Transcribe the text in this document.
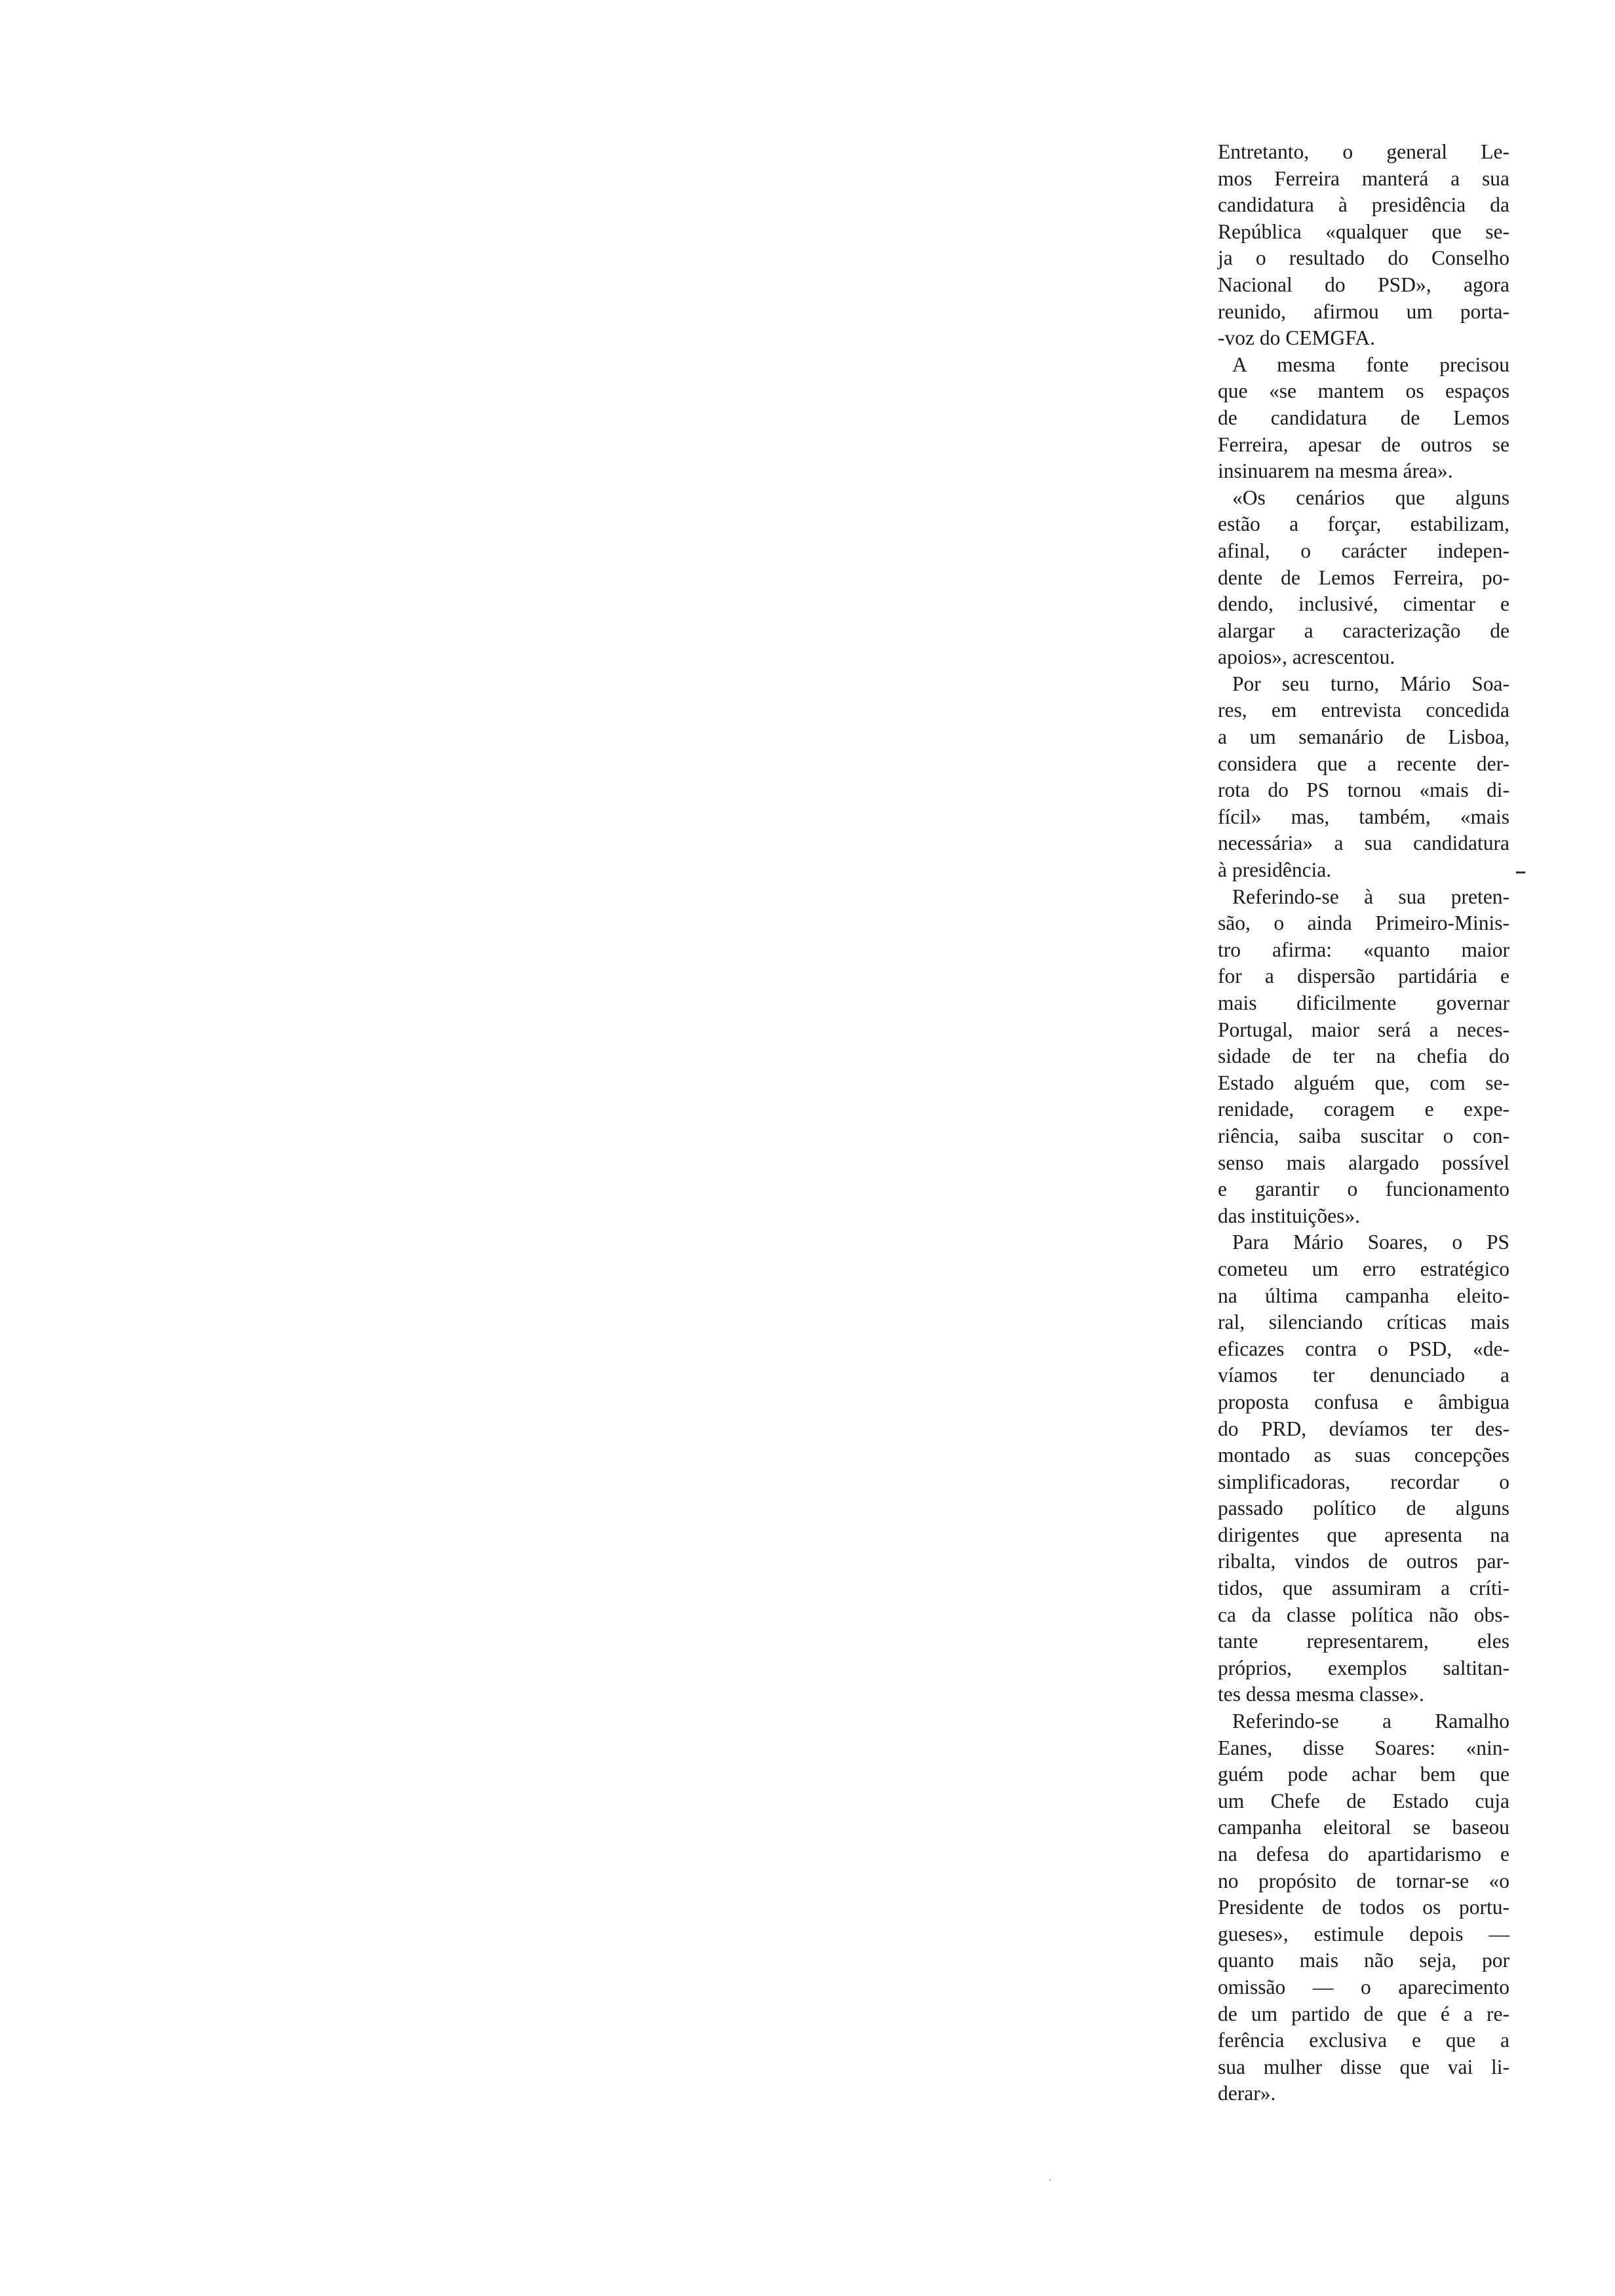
Entretanto, o general Le-
mos Ferreira manterá a sua
candidatura à presidência da
República «qualquer que se-
ja o resultado do Conselho
Nacional do PSD», agora
reunido, afirmou um porta-
-voz do CEMGFA.
A mesma fonte precisou
que «se mantem os espaços
de candidatura de Lemos
Ferreira, apesar de outros se
insinuarem na mesma área».
«Os cenários que alguns
estão a forçar, estabilizam,
afinal, o carácter indepen-
dente de Lemos Ferreira, po-
dendo, inclusivé, cimentar e
alargar a caracterização de
apoios», acrescentou.
Por seu turno, Mário Soa-
res, em entrevista concedida
a um semanário de Lisboa,
considera que a recente der-
rota do PS tornou «mais di-
fícil» mas, também, «mais
necessária» a sua candidatura
à presidência.
Referindo-se à sua preten-
são, o ainda Primeiro-Minis-
tro afirma: «quanto maior
for a dispersão partidária e
mais dificilmente governar
Portugal, maior será a neces-
sidade de ter na chefia do
Estado alguém que, com se-
renidade, coragem e expe-
riência, saiba suscitar o con-
senso mais alargado possível
e garantir o funcionamento
das instituições».
Para Mário Soares, o PS
cometeu um erro estratégico
na última campanha eleito-
ral, silenciando críticas mais
eficazes contra o PSD, «de-
víamos ter denunciado a
proposta confusa e âmbigua
do PRD, devíamos ter des-
montado as suas concepções
simplificadoras, recordar o
passado político de alguns
dirigentes que apresenta na
ribalta, vindos de outros par-
tidos, que assumiram a críti-
ca da classe política não obs-
tante representarem, eles
próprios, exemplos saltitan-
tes dessa mesma classe».
Referindo-se a Ramalho
Eanes, disse Soares: «nin-
guém pode achar bem que
um Chefe de Estado cuja
campanha eleitoral se baseou
na defesa do apartidarismo e
no propósito de tornar-se «o
Presidente de todos os portu-
gueses», estimule depois —
quanto mais não seja, por
omissão — o aparecimento
de um partido de que é a re-
ferência exclusiva e que a
sua mulher disse que vai li-
derar».
